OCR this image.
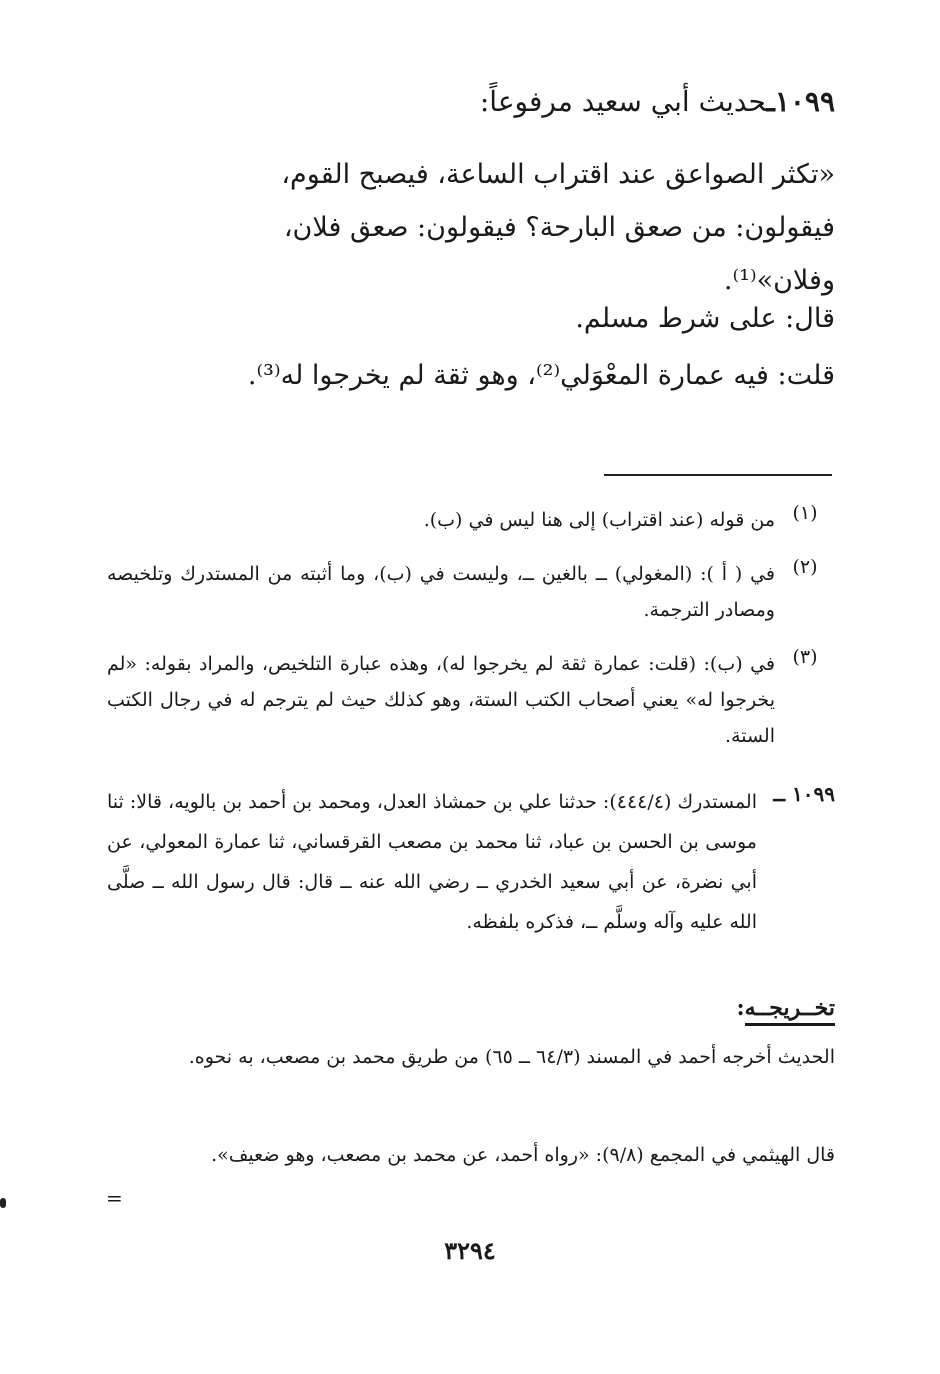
١٠٩٩ـحديث أبي سعيد مرفوعاً:
«تكثر الصواعق عند اقتراب الساعة، فيصبح القوم،
فيقولون: من صعق البارحة؟ فيقولون: صعق فلان،
وفلان»⁽¹⁾.
قال: على شرط مسلم.
قلت: فيه عمارة المعْوَلي⁽²⁾، وهو ثقة لم يخرجوا له⁽³⁾.
(١)
من قوله (عند اقتراب) إلى هنا ليس في (ب).
(٢)
في ( أ ): (المغولي) ــ بالغين ــ، وليست في (ب)، وما أثبته من المستدرك وتلخيصه ومصادر الترجمة.
(٣)
في (ب): (قلت: عمارة ثقة لم يخرجوا له)، وهذه عبارة التلخيص، والمراد بقوله: «لم يخرجوا له» يعني أصحاب الكتب الستة، وهو كذلك حيث لم يترجم له في رجال الكتب الستة.
١٠٩٩ ــ
المستدرك (٤٤٤/٤): حدثنا علي بن حمشاذ العدل، ومحمد بن أحمد بن بالويه، قالا: ثنا موسى بن الحسن بن عباد، ثنا محمد بن مصعب القرقساني، ثنا عمارة المعولي، عن أبي نضرة، عن أبي سعيد الخدري ــ رضي الله عنه ــ قال: قال رسول الله ــ صلَّى الله عليه وآله وسلَّم ــ، فذكره بلفظه.
تخــريجــه:
الحديث أخرجه أحمد في المسند (٦٤/٣ ــ ٦٥) من طريق محمد بن مصعب، به نحوه.
قال الهيثمي في المجمع (٩/٨): «رواه أحمد، عن محمد بن مصعب، وهو ضعيف».
=
٣٢٩٤
